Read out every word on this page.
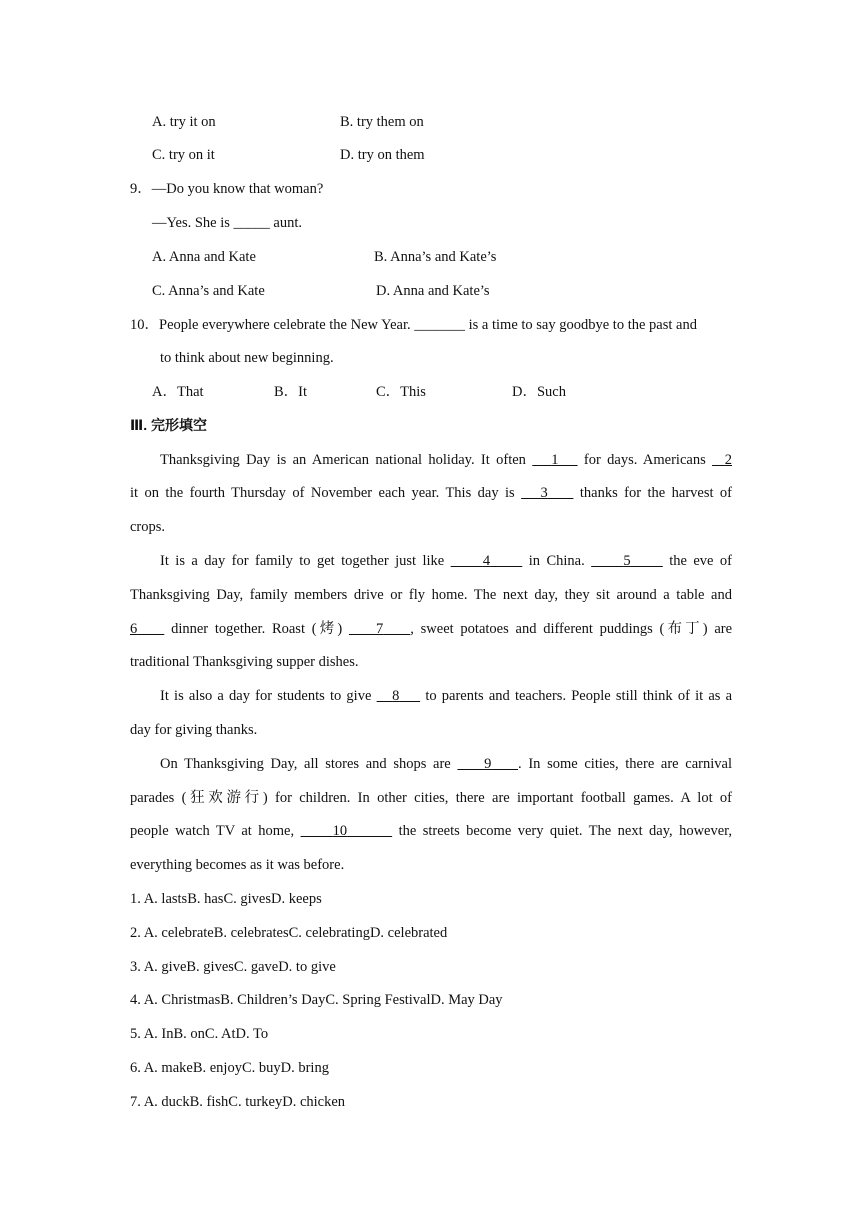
A. try it on	B. try them on
C. try on it	D. try on them
9．—Do you know that woman?
—Yes. She is _____ aunt.
A. Anna and Kate	B. Anna’s and Kate’s
C. Anna’s and Kate	D. Anna and Kate’s
10．People everywhere celebrate the New Year. _______ is a time to say goodbye to the past and
to think about new beginning.
A．That	B．It	C．This	D．Such
Ⅲ. 完形填空
Thanksgiving Day is an American national holiday. It often 1 for days. Americans 2
it on the fourth Thursday of November each year. This day is 3 thanks for the harvest of
crops.
It is a day for family to get together just like	4	in China.	5	the eve of
Thanksgiving Day, family members drive or fly home. The next day, they sit around a table and
6 dinner together. Roast (烤) 7 , sweet potatoes and different puddings (布丁) are
traditional Thanksgiving supper dishes.
It is also a day for students to give 8 to parents and teachers. People still think of it as a
day for giving thanks.
On Thanksgiving Day, all stores and shops are 9 . In some cities, there are carnival
parades (狂欢游行) for children. In other cities, there are important football games. A lot of
people watch TV at home,	10	the streets become very quiet. The next day, however,
everything becomes as it was before.
1. A. lastsB. hasC. givesD. keeps
2. A. celebrateB. celebratesC. celebratingD. celebrated
3. A. giveB. givesC. gaveD. to give
4. A. ChristmasB. Children’s DayC. Spring FestivalD. May Day
5. A. InB. onC. AtD. To
6. A. makeB. enjoyC. buyD. bring
7. A. duckB. fishC. turkeyD. chicken
